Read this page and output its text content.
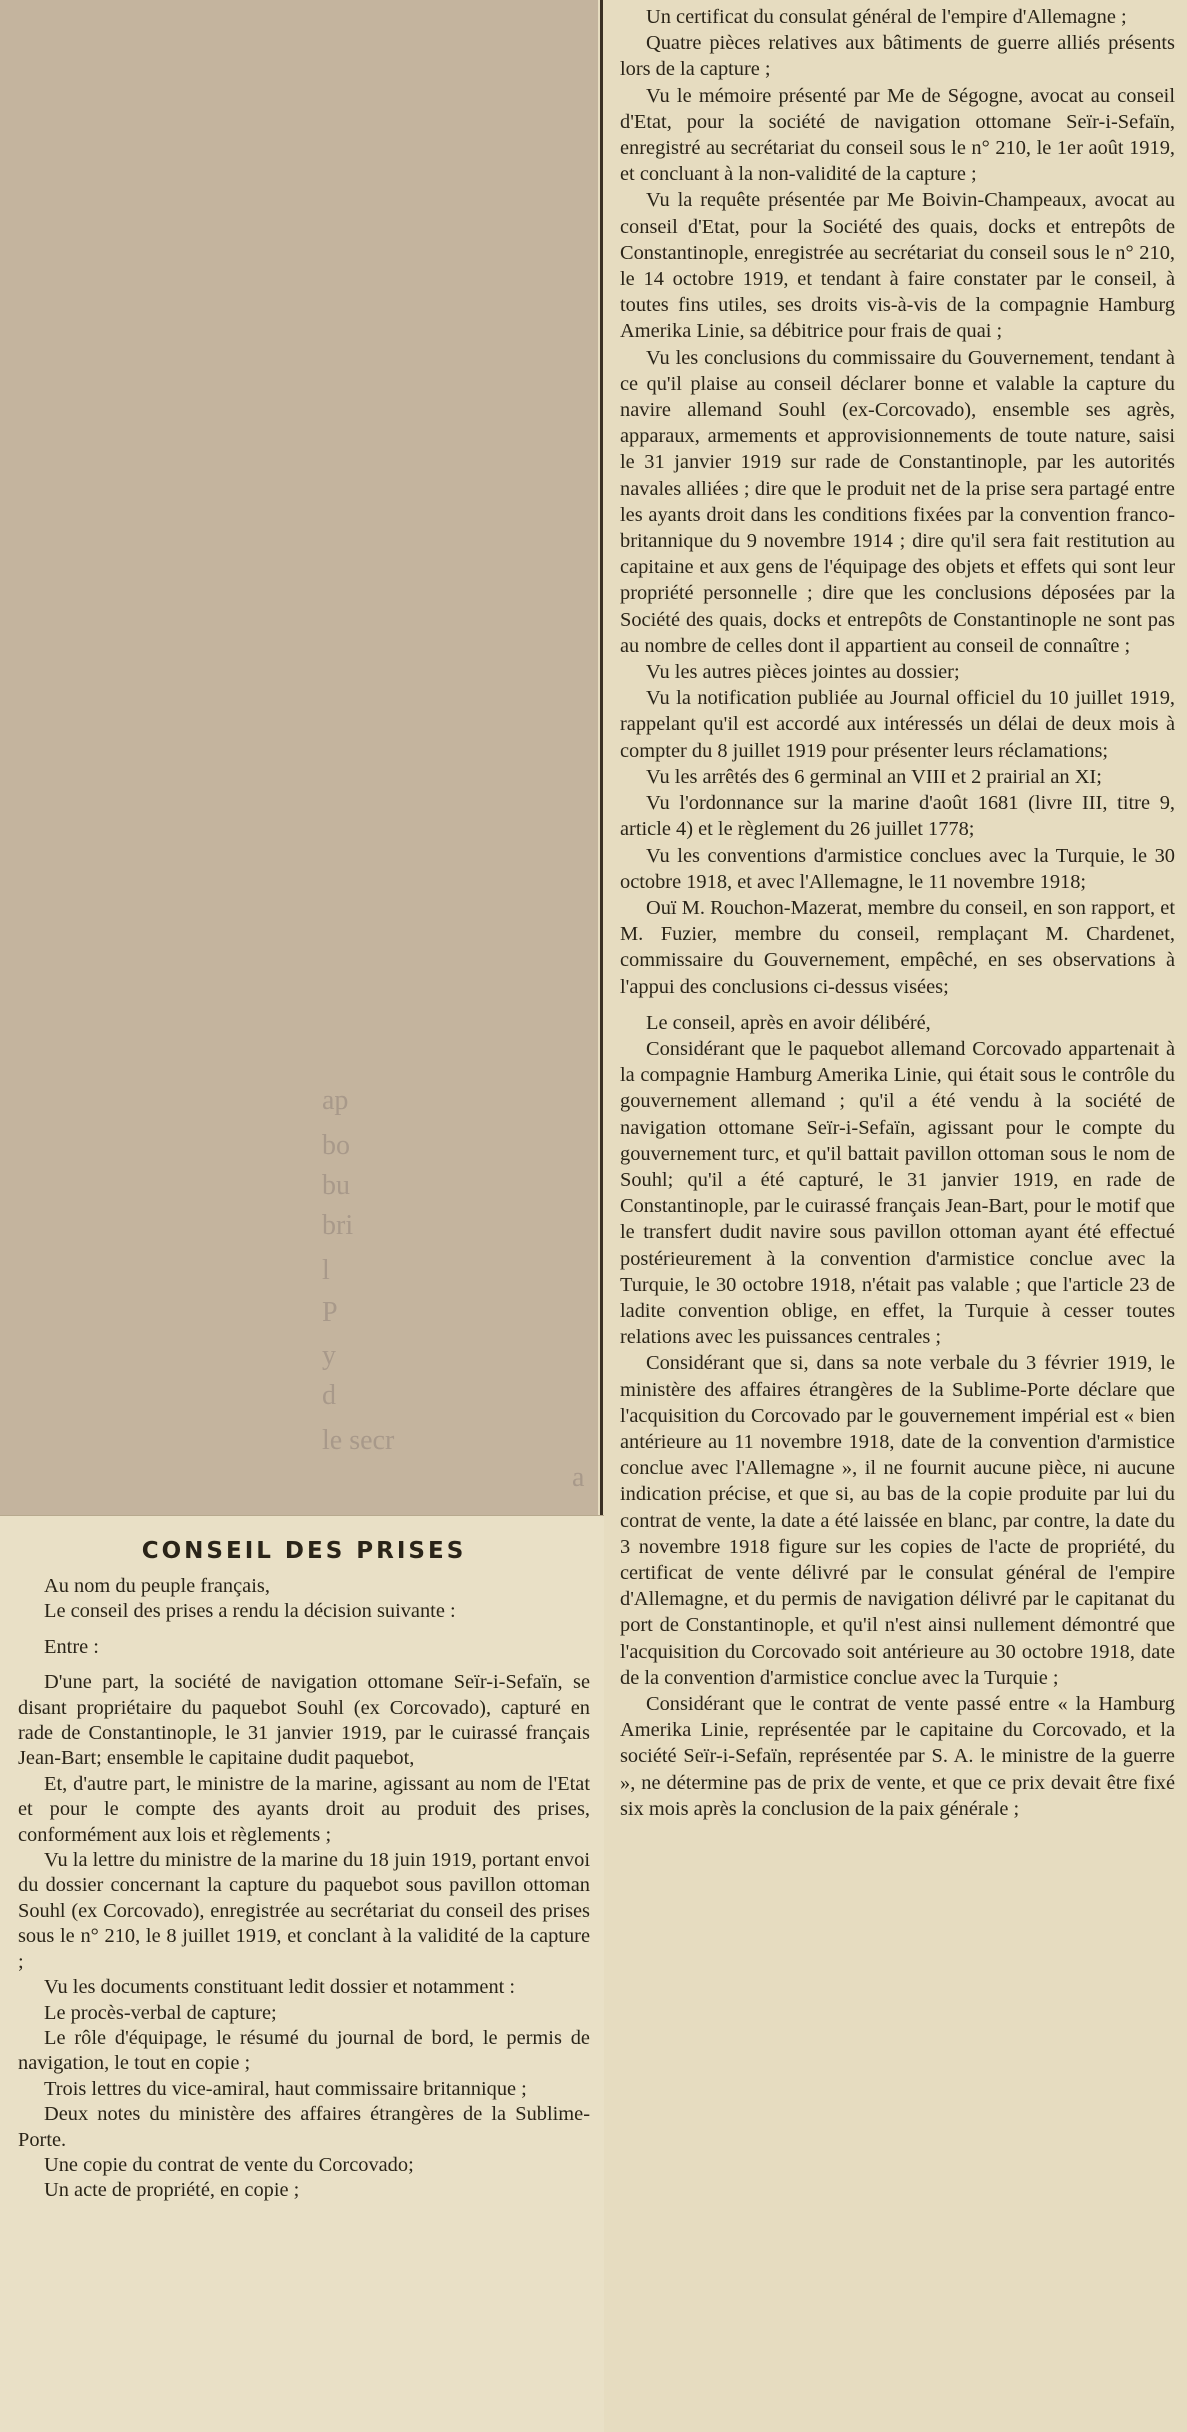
ap
bo
bu
bri
l
P
y
d
le secr
a
CONSEIL DES PRISES

Au nom du peuple français,

Le conseil des prises a rendu la décision suivante :

Entre :

D'une part, la société de navigation ottomane Seïr-i-Sefaïn, se disant propriétaire du paquebot Souhl (ex Corcovado), capturé en rade de Constantinople, le 31 janvier 1919, par le cuirassé français Jean-Bart; ensemble le capitaine dudit paquebot,

Et, d'autre part, le ministre de la marine, agissant au nom de l'Etat et pour le compte des ayants droit au produit des prises, conformément aux lois et règlements ;

Vu la lettre du ministre de la marine du 18 juin 1919, portant envoi du dossier concernant la capture du paquebot sous pavillon ottoman Souhl (ex Corcovado), enregistrée au secrétariat du conseil des prises sous le n° 210, le 8 juillet 1919, et conclant à la validité de la capture ;

Vu les documents constituant ledit dossier et notamment :

Le procès-verbal de capture;

Le rôle d'équipage, le résumé du journal de bord, le permis de navigation, le tout en copie ;

Trois lettres du vice-amiral, haut commissaire britannique ;

Deux notes du ministère des affaires étrangères de la Sublime-Porte.

Une copie du contrat de vente du Corcovado;

Un acte de propriété, en copie ;

Un certificat du consulat général de l'empire d'Allemagne ;

Quatre pièces relatives aux bâtiments de guerre alliés présents lors de la capture ;

Vu le mémoire présenté par Me de Ségogne, avocat au conseil d'Etat, pour la société de navigation ottomane Seïr-i-Sefaïn, enregistré au secrétariat du conseil sous le n° 210, le 1er août 1919, et concluant à la non-validité de la capture ;

Vu la requête présentée par Me Boivin-Champeaux, avocat au conseil d'Etat, pour la Société des quais, docks et entrepôts de Constantinople, enregistrée au secrétariat du conseil sous le n° 210, le 14 octobre 1919, et tendant à faire constater par le conseil, à toutes fins utiles, ses droits vis-à-vis de la compagnie Hamburg Amerika Linie, sa débitrice pour frais de quai ;

Vu les conclusions du commissaire du Gouvernement, tendant à ce qu'il plaise au conseil déclarer bonne et valable la capture du navire allemand Souhl (ex-Corcovado), ensemble ses agrès, apparaux, armements et approvisionnements de toute nature, saisi le 31 janvier 1919 sur rade de Constantinople, par les autorités navales alliées ; dire que le produit net de la prise sera partagé entre les ayants droit dans les conditions fixées par la convention franco-britannique du 9 novembre 1914 ; dire qu'il sera fait restitution au capitaine et aux gens de l'équipage des objets et effets qui sont leur propriété personnelle ; dire que les conclusions déposées par la Société des quais, docks et entrepôts de Constantinople ne sont pas au nombre de celles dont il appartient au conseil de connaître ;

Vu les autres pièces jointes au dossier;

Vu la notification publiée au Journal officiel du 10 juillet 1919, rappelant qu'il est accordé aux intéressés un délai de deux mois à compter du 8 juillet 1919 pour présenter leurs réclamations;

Vu les arrêtés des 6 germinal an VIII et 2 prairial an XI;

Vu l'ordonnance sur la marine d'août 1681 (livre III, titre 9, article 4) et le règlement du 26 juillet 1778;

Vu les conventions d'armistice conclues avec la Turquie, le 30 octobre 1918, et avec l'Allemagne, le 11 novembre 1918;

Ouï M. Rouchon-Mazerat, membre du conseil, en son rapport, et M. Fuzier, membre du conseil, remplaçant M. Chardenet, commissaire du Gouvernement, empêché, en ses observations à l'appui des conclusions ci-dessus visées;

Le conseil, après en avoir délibéré,

Considérant que le paquebot allemand Corcovado appartenait à la compagnie Hamburg Amerika Linie, qui était sous le contrôle du gouvernement allemand ; qu'il a été vendu à la société de navigation ottomane Seïr-i-Sefaïn, agissant pour le compte du gouvernement turc, et qu'il battait pavillon ottoman sous le nom de Souhl; qu'il a été capturé, le 31 janvier 1919, en rade de Constantinople, par le cuirassé français Jean-Bart, pour le motif que le transfert dudit navire sous pavillon ottoman ayant été effectué postérieurement à la convention d'armistice conclue avec la Turquie, le 30 octobre 1918, n'était pas valable ; que l'article 23 de ladite convention oblige, en effet, la Turquie à cesser toutes relations avec les puissances centrales ;

Considérant que si, dans sa note verbale du 3 février 1919, le ministère des affaires étrangères de la Sublime-Porte déclare que l'acquisition du Corcovado par le gouvernement impérial est « bien antérieure au 11 novembre 1918, date de la convention d'armistice conclue avec l'Allemagne », il ne fournit aucune pièce, ni aucune indication précise, et que si, au bas de la copie produite par lui du contrat de vente, la date a été laissée en blanc, par contre, la date du 3 novembre 1918 figure sur les copies de l'acte de propriété, du certificat de vente délivré par le consulat général de l'empire d'Allemagne, et du permis de navigation délivré par le capitanat du port de Constantinople, et qu'il n'est ainsi nullement démontré que l'acquisition du Corcovado soit antérieure au 30 octobre 1918, date de la convention d'armistice conclue avec la Turquie ;

Considérant que le contrat de vente passé entre « la Hamburg Amerika Linie, représentée par le capitaine du Corcovado, et la société Seïr-i-Sefaïn, représentée par S. A. le ministre de la guerre », ne détermine pas de prix de vente, et que ce prix devait être fixé six mois après la conclusion de la paix générale ;
